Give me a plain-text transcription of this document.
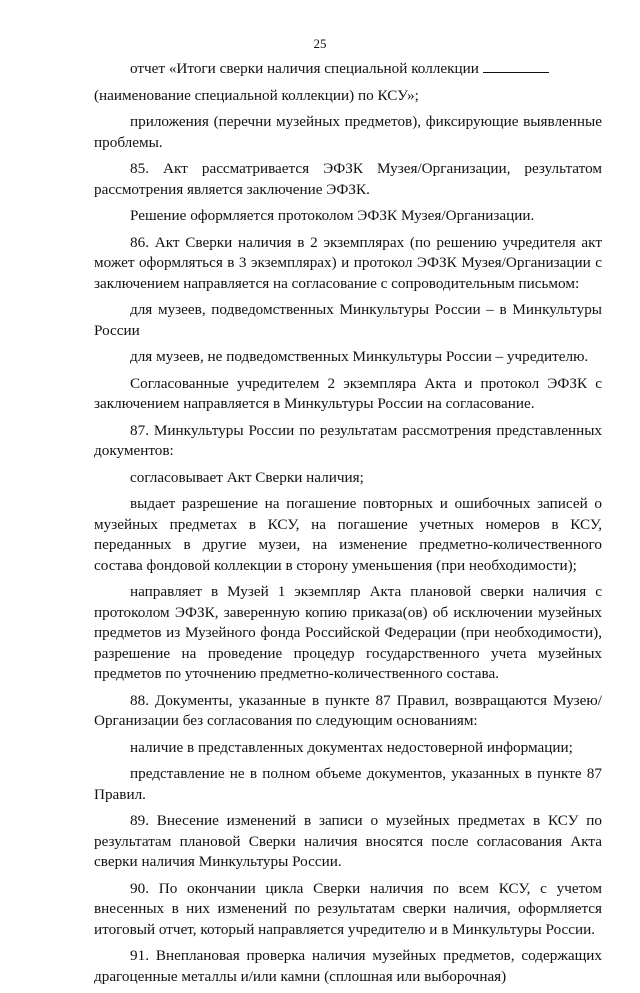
25

отчет «Итоги сверки наличия специальной коллекции

(наименование специальной коллекции) по КСУ»;

приложения (перечни музейных предметов), фиксирующие выявленные проблемы.

85. Акт рассматривается ЭФЗК Музея/Организации, результатом рассмотрения является заключение ЭФЗК.

Решение оформляется протоколом ЭФЗК Музея/Организации.

86. Акт Сверки наличия в 2 экземплярах (по решению учредителя акт может оформляться в 3 экземплярах) и протокол ЭФЗК Музея/Организации с заключением направляется на согласование с сопроводительным письмом:

для музеев, подведомственных Минкультуры России – в Минкультуры России

для музеев, не подведомственных Минкультуры России – учредителю.

Согласованные учредителем 2 экземпляра Акта и протокол ЭФЗК с заключением направляется в Минкультуры России на согласование.

87. Минкультуры России по результатам рассмотрения представленных документов:

согласовывает Акт Сверки наличия;

выдает разрешение на погашение повторных и ошибочных записей о музейных предметах в КСУ, на погашение учетных номеров в КСУ, переданных в другие музеи, на изменение предметно-количественного состава фондовой коллекции в сторону уменьшения (при необходимости);

направляет в Музей 1 экземпляр Акта плановой сверки наличия с протоколом ЭФЗК, заверенную копию приказа(ов) об исключении музейных предметов из Музейного фонда Российской Федерации (при необходимости), разрешение на проведение процедур государственного учета музейных предметов по уточнению предметно-количественного состава.

88. Документы, указанные в пункте 87 Правил, возвращаются Музею/Организации без согласования по следующим основаниям:

наличие в представленных документах недостоверной информации;

представление не в полном объеме документов, указанных в пункте 87 Правил.

89. Внесение изменений в записи о музейных предметах в КСУ по результатам плановой Сверки наличия вносятся после согласования Акта сверки наличия Минкультуры России.

90. По окончании цикла Сверки наличия по всем КСУ, с учетом внесенных в них изменений по результатам сверки наличия, оформляется итоговый отчет, который направляется учредителю и в Минкультуры России.

91. Внеплановая проверка наличия музейных предметов, содержащих драгоценные металлы и/или камни (сплошная или выборочная)
